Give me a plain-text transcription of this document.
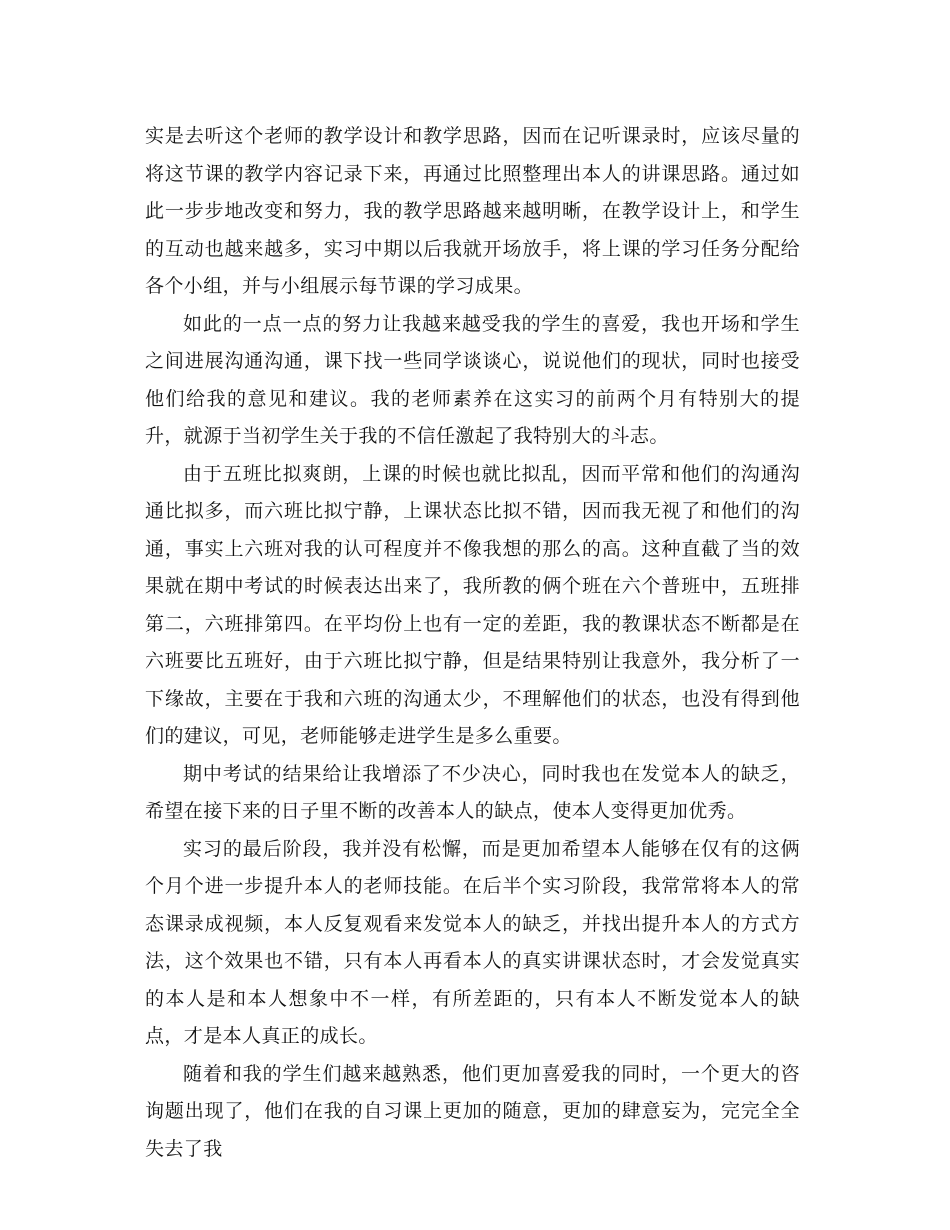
实是去听这个老师的教学设计和教学思路，因而在记听课录时，应该尽量的将这节课的教学内容记录下来，再通过比照整理出本人的讲课思路。通过如此一步步地改变和努力，我的教学思路越来越明晰，在教学设计上，和学生的互动也越来越多，实习中期以后我就开场放手，将上课的学习任务分配给各个小组，并与小组展示每节课的学习成果。

如此的一点一点的努力让我越来越受我的学生的喜爱，我也开场和学生之间进展沟通沟通，课下找一些同学谈谈心，说说他们的现状，同时也接受他们给我的意见和建议。我的老师素养在这实习的前两个月有特别大的提升，就源于当初学生关于我的不信任激起了我特别大的斗志。

由于五班比拟爽朗，上课的时候也就比拟乱，因而平常和他们的沟通沟通比拟多，而六班比拟宁静，上课状态比拟不错，因而我无视了和他们的沟通，事实上六班对我的认可程度并不像我想的那么的高。这种直截了当的效果就在期中考试的时候表达出来了，我所教的俩个班在六个普班中，五班排第二，六班排第四。在平均份上也有一定的差距，我的教课状态不断都是在六班要比五班好，由于六班比拟宁静，但是结果特别让我意外，我分析了一下缘故，主要在于我和六班的沟通太少，不理解他们的状态，也没有得到他们的建议，可见，老师能够走进学生是多么重要。

期中考试的结果给让我增添了不少决心，同时我也在发觉本人的缺乏，希望在接下来的日子里不断的改善本人的缺点，使本人变得更加优秀。

实习的最后阶段，我并没有松懈，而是更加希望本人能够在仅有的这俩个月个进一步提升本人的老师技能。在后半个实习阶段，我常常将本人的常态课录成视频，本人反复观看来发觉本人的缺乏，并找出提升本人的方式方法，这个效果也不错，只有本人再看本人的真实讲课状态时，才会发觉真实的本人是和本人想象中不一样，有所差距的，只有本人不断发觉本人的缺点，才是本人真正的成长。

随着和我的学生们越来越熟悉，他们更加喜爱我的同时，一个更大的咨询题出现了，他们在我的自习课上更加的随意，更加的肆意妄为，完完全全失去了我
